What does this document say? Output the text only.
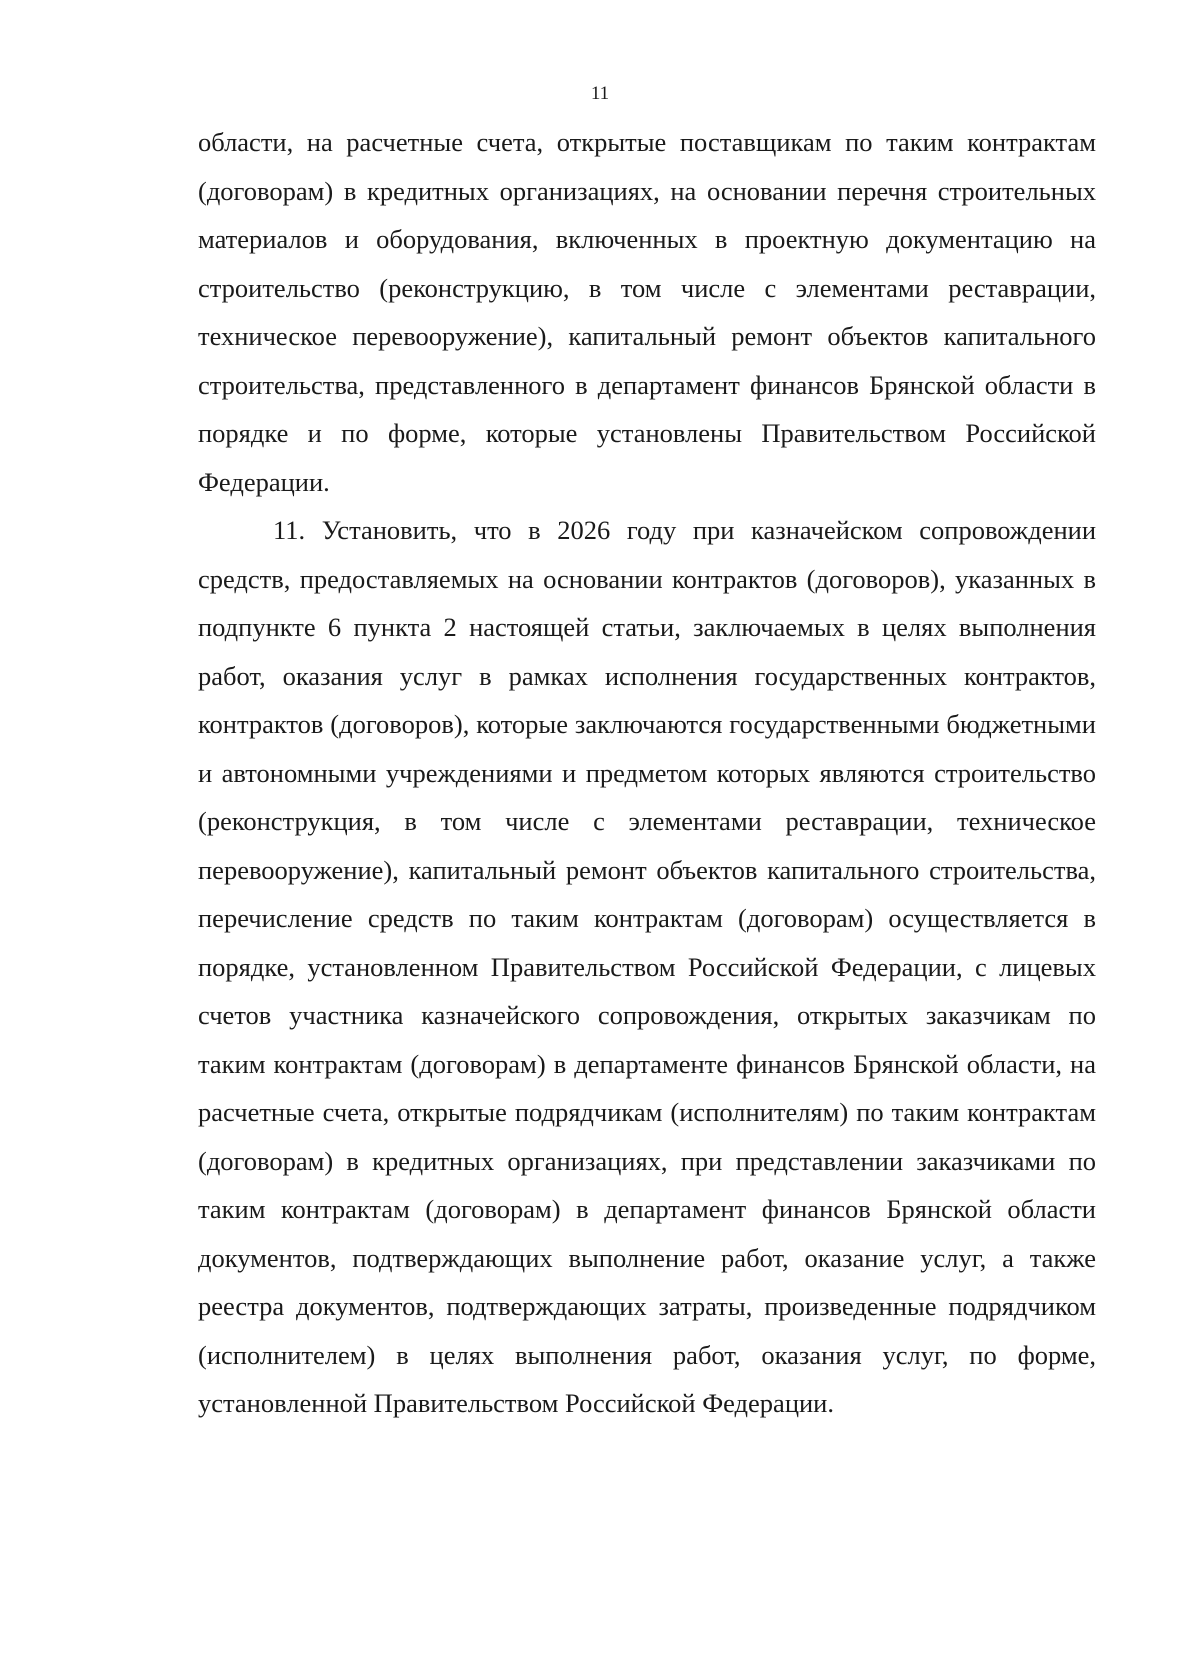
11

области, на расчетные счета, открытые поставщикам по таким контрактам (договорам) в кредитных организациях, на основании перечня строительных материалов и оборудования, включенных в проектную документацию на строительство (реконструкцию, в том числе с элементами реставрации, техническое перевооружение), капитальный ремонт объектов капитального строительства, представленного в департамент финансов Брянской области в порядке и по форме, которые установлены Правительством Российской Федерации.

11. Установить, что в 2026 году при казначейском сопровождении средств, предоставляемых на основании контрактов (договоров), указанных в подпункте 6 пункта 2 настоящей статьи, заключаемых в целях выполнения работ, оказания услуг в рамках исполнения государственных контрактов, контрактов (договоров), которые заключаются государственными бюджетными и автономными учреждениями и предметом которых являются строительство (реконструкция, в том числе с элементами реставрации, техническое перевооружение), капитальный ремонт объектов капитального строительства, перечисление средств по таким контрактам (договорам) осуществляется в порядке, установленном Правительством Российской Федерации, с лицевых счетов участника казначейского сопровождения, открытых заказчикам по таким контрактам (договорам) в департаменте финансов Брянской области, на расчетные счета, открытые подрядчикам (исполнителям) по таким контрактам (договорам) в кредитных организациях, при представлении заказчиками по таким контрактам (договорам) в департамент финансов Брянской области документов, подтверждающих выполнение работ, оказание услуг, а также реестра документов, подтверждающих затраты, произведенные подрядчиком (исполнителем) в целях выполнения работ, оказания услуг, по форме, установленной Правительством Российской Федерации.
